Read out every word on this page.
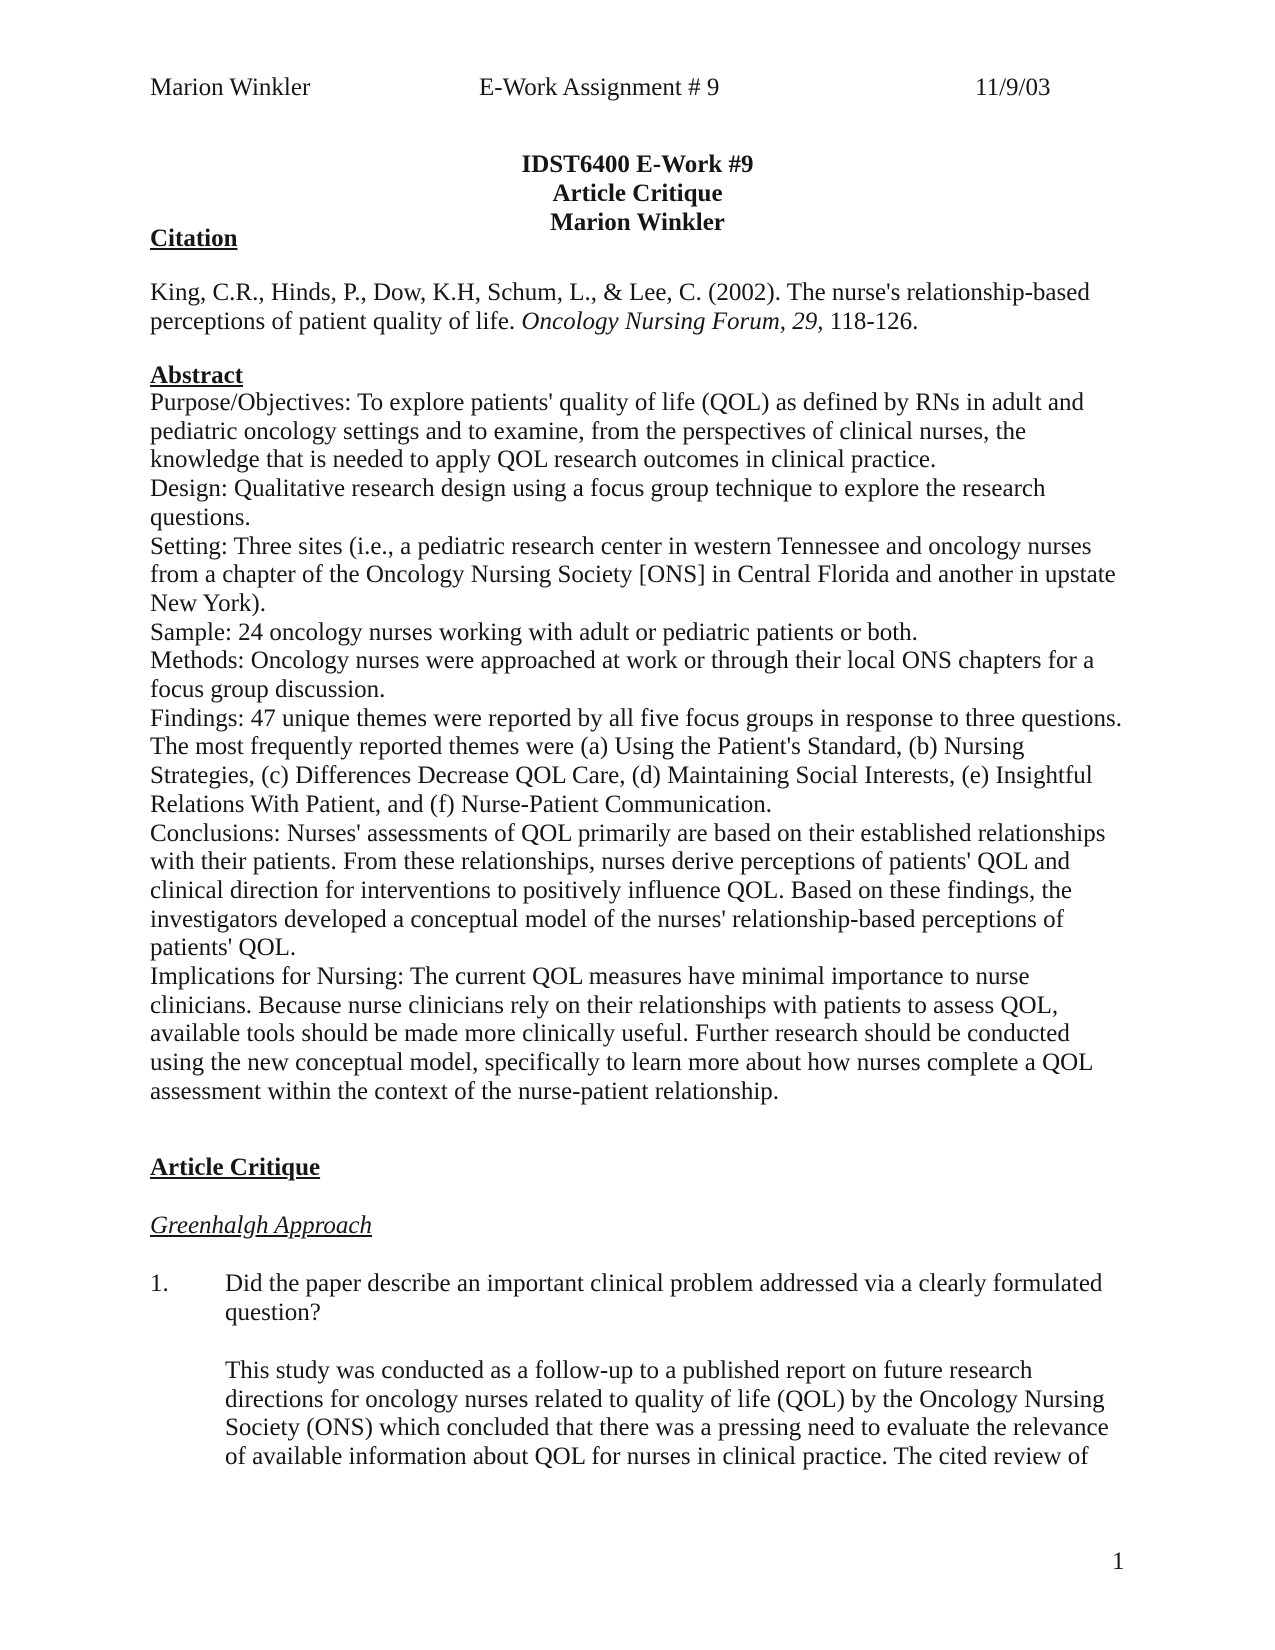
Marion Winkler	E-Work Assignment # 9	11/9/03

IDST6400 E-Work #9
Article Critique
Marion Winkler

Citation

King, C.R., Hinds, P., Dow, K.H, Schum, L., & Lee, C. (2002). The nurse's relationship-based
perceptions of patient quality of life. Oncology Nursing Forum, 29, 118-126.

Abstract

Purpose/Objectives: To explore patients' quality of life (QOL) as defined by RNs in adult and
pediatric oncology settings and to examine, from the perspectives of clinical nurses, the
knowledge that is needed to apply QOL research outcomes in clinical practice.
Design: Qualitative research design using a focus group technique to explore the research
questions.
Setting: Three sites (i.e., a pediatric research center in western Tennessee and oncology nurses
from a chapter of the Oncology Nursing Society [ONS] in Central Florida and another in upstate
New York).
Sample: 24 oncology nurses working with adult or pediatric patients or both.
Methods: Oncology nurses were approached at work or through their local ONS chapters for a
focus group discussion.
Findings: 47 unique themes were reported by all five focus groups in response to three questions.
The most frequently reported themes were (a) Using the Patient's Standard, (b) Nursing
Strategies, (c) Differences Decrease QOL Care, (d) Maintaining Social Interests, (e) Insightful
Relations With Patient, and (f) Nurse-Patient Communication.
Conclusions: Nurses' assessments of QOL primarily are based on their established relationships
with their patients. From these relationships, nurses derive perceptions of patients' QOL and
clinical direction for interventions to positively influence QOL. Based on these findings, the
investigators developed a conceptual model of the nurses' relationship-based perceptions of
patients' QOL.
Implications for Nursing: The current QOL measures have minimal importance to nurse
clinicians. Because nurse clinicians rely on their relationships with patients to assess QOL,
available tools should be made more clinically useful. Further research should be conducted
using the new conceptual model, specifically to learn more about how nurses complete a QOL
assessment within the context of the nurse-patient relationship.

Article Critique

Greenhalgh Approach

1. Did the paper describe an important clinical problem addressed via a clearly formulated
question?
This study was conducted as a follow-up to a published report on future research
directions for oncology nurses related to quality of life (QOL) by the Oncology Nursing
Society (ONS) which concluded that there was a pressing need to evaluate the relevance
of available information about QOL for nurses in clinical practice. The cited review of

1
